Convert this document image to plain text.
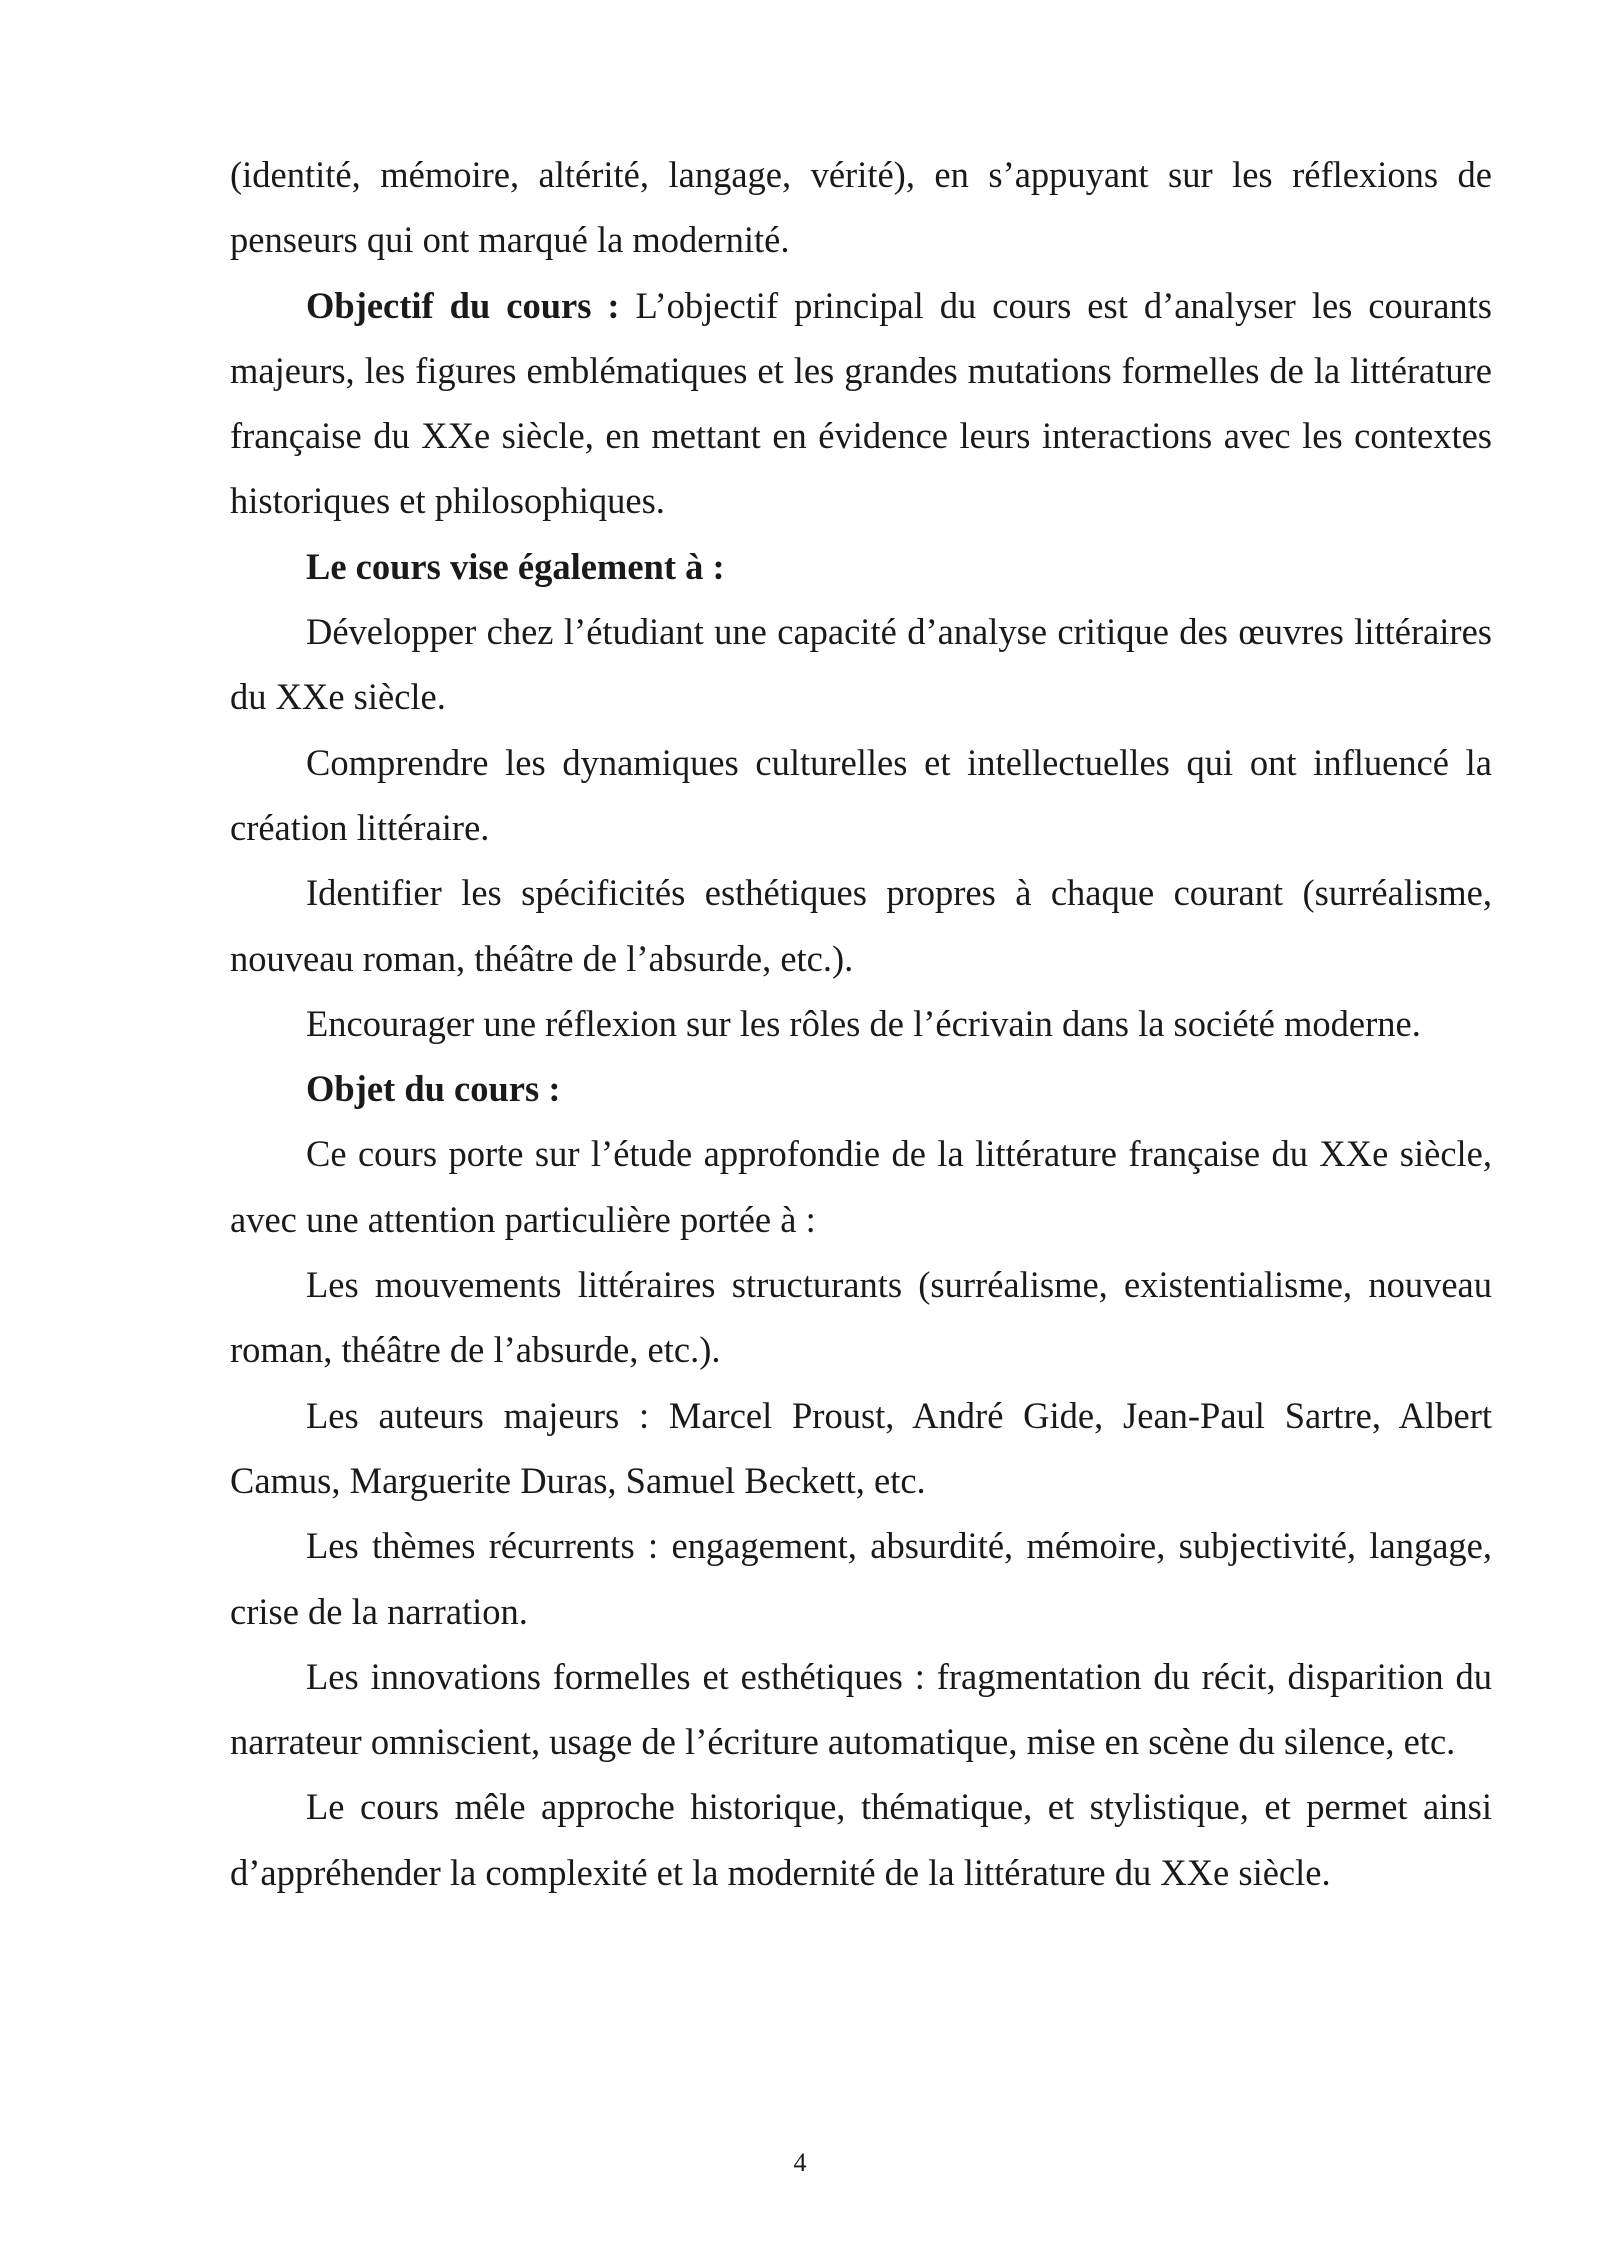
(identité, mémoire, altérité, langage, vérité), en s’appuyant sur les réflexions de penseurs qui ont marqué la modernité.

Objectif du cours : L’objectif principal du cours est d’analyser les courants majeurs, les figures emblématiques et les grandes mutations formelles de la littérature française du XXe siècle, en mettant en évidence leurs interactions avec les contextes historiques et philosophiques.

Le cours vise également à :

Développer chez l’étudiant une capacité d’analyse critique des œuvres littéraires du XXe siècle.

Comprendre les dynamiques culturelles et intellectuelles qui ont influencé la création littéraire.

Identifier les spécificités esthétiques propres à chaque courant (surréalisme, nouveau roman, théâtre de l’absurde, etc.).

Encourager une réflexion sur les rôles de l’écrivain dans la société moderne.

Objet du cours :

Ce cours porte sur l’étude approfondie de la littérature française du XXe siècle, avec une attention particulière portée à :

Les mouvements littéraires structurants (surréalisme, existentialisme, nouveau roman, théâtre de l’absurde, etc.).

Les auteurs majeurs : Marcel Proust, André Gide, Jean-Paul Sartre, Albert Camus, Marguerite Duras, Samuel Beckett, etc.

Les thèmes récurrents : engagement, absurdité, mémoire, subjectivité, langage, crise de la narration.

Les innovations formelles et esthétiques : fragmentation du récit, disparition du narrateur omniscient, usage de l’écriture automatique, mise en scène du silence, etc.

Le cours mêle approche historique, thématique, et stylistique, et permet ainsi d’appréhender la complexité et la modernité de la littérature du XXe siècle.

4
